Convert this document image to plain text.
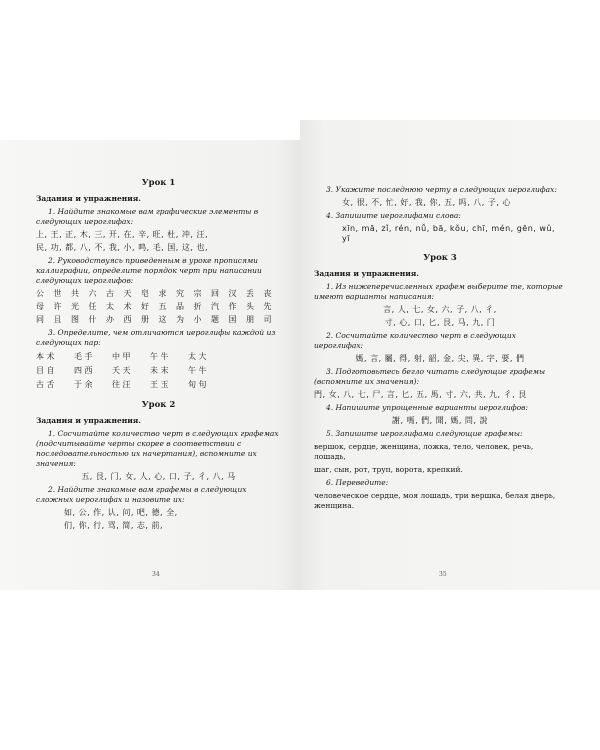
Урок 1
Задания и упражнения.
1. Найдите знакомые вам графические элементы в следующих иероглифах:
上, 王, 正, 木, 三, 开, 在, 辛, 旺, 杜, 冲, 汪,
民, 功, 都, 八, 不, 我, 小, 鸣, 毛, 国, 这, 也,
2. Руководствуясь приведенным в уроке прописями каллиграфии, определите порядок черт при написании следующих иероглифов:
公	世	共	六	古	天	皂	求	究	宗	回	汉	丢	丧
母	许	光	任	太	术	好	五	品	折	汽	作	头	先
同	且	图	什	办	西	册	这	为	小	题	国	朋	司
3. Определите, чем отличаются иероглифы каждой из следующих пар:
本 术	毛 手	中 甲	午 牛	太 大
目 自	四 西	夭 天	未 末	午 牛
古 舌	于 余	往 汪	王 玉	旬 句
Урок 2
Задания и упражнения.
1. Сосчитайте количество черт в следующих графемах (подсчитывайте черты скорее в соответствии с последовательностью их начертания), вспомните их значения:
五, 艮, 门, 女, 人, 心, 口, 子, 彳, 八, 马
2. Найдите знакомые вам графемы в следующих сложных иероглифах и назовите их:
如, 公, 作, 认, 问, 吧, 德, 全,
们, 你, 行, 骂, 简, 志, 前,
34
3. Укажите последнюю черту в следующих иероглифах:
女, 很, 不, 忙, 好, 我, 你, 五, 吗, 八, 子, 心
4. Запишите иероглифами слова:
xīn, mā, zǐ, rén, nǚ, bā, kǒu, chī, mén, gēn, wǔ, yī
Урок 3
Задания и упражнения.
1. Из нижеперечисленных графем выберите те, которые имеют варианты написания:
言, 人, 七, 女, 六, 子, 八, 彳,
寸, 心, 口, 匕, 艮, 马, 九, 门
2. Сосчитайте количество черт в следующих иероглифах:
媽, 言, 屬, 得, 射, 韶, 金, 尖, 異, 字, 要, 們
3. Подготовьтесь бегло читать следующие графемы (вспомните их значения):
門, 女, 八, 七, 尸, 言, 匕, 五, 馬, 寸, 六, 共, 九, 彳, 艮
4. Напишите упрощенные варианты иероглифов:
謝, 嗎, 們, 聞, 媽, 問, 說
5. Запишите иероглифами следующие графемы:
вершок, сердце, женщина, ложка, тело, человек, речь, лошадь,
шаг, сын, рот, труп, ворота, крепкий.
6. Переведите:
человеческое сердце, моя лошадь, три вершка, белая дверь, женщина.
35
